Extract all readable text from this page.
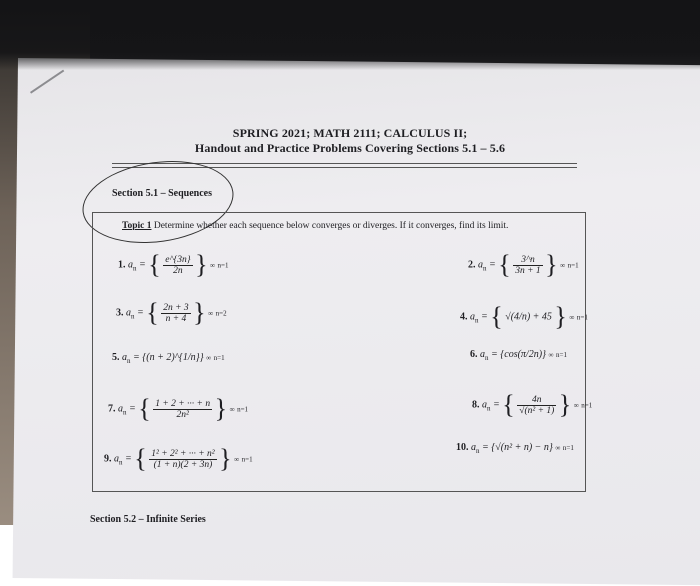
SPRING 2021; MATH 2111; CALCULUS II;
Handout and Practice Problems Covering Sections 5.1 – 5.6
Section 5.1 – Sequences
Topic 1 Determine whether each sequence below converges or diverges. If it converges, find its limit.
1. $a_n$ = { $\frac{e\^{}\{3n\}}{2n}$ } ∞ n=1	2. $a_n$ = { $\frac{3\^{}n}{3n + 1}$ } ∞ n=1
3. $a_n$ = { $\frac{2n + 3}{n + 4}$ } ∞ n=2	4. $a_n$ = { √(4/n) + 45 } ∞ n=1
5. $a_n = \{(n$ + 2)^{1/n}} ∞ n=1	6. $a_n = \{\cos(\pi/2n)\}$ ∞ n=1
7. $a_n$ = { $\frac{1 + 2 + \cdot\cdot\cdot + n}{\text{2n²}}$ } ∞ n=1	8. $a_n$ = { $\frac{4n}{\text{√(n² + 1)}}$ } ∞ n=1
9. $a_n$ = { $\frac{\text{1² + 2² + ··· + n²}}{(1 + n)(2 + 3n)}$ } ∞ n=1
10. $a_n = \{√(n^2 + n) - n\}$ ∞ n=1
Section 5.2 – Infinite Series
